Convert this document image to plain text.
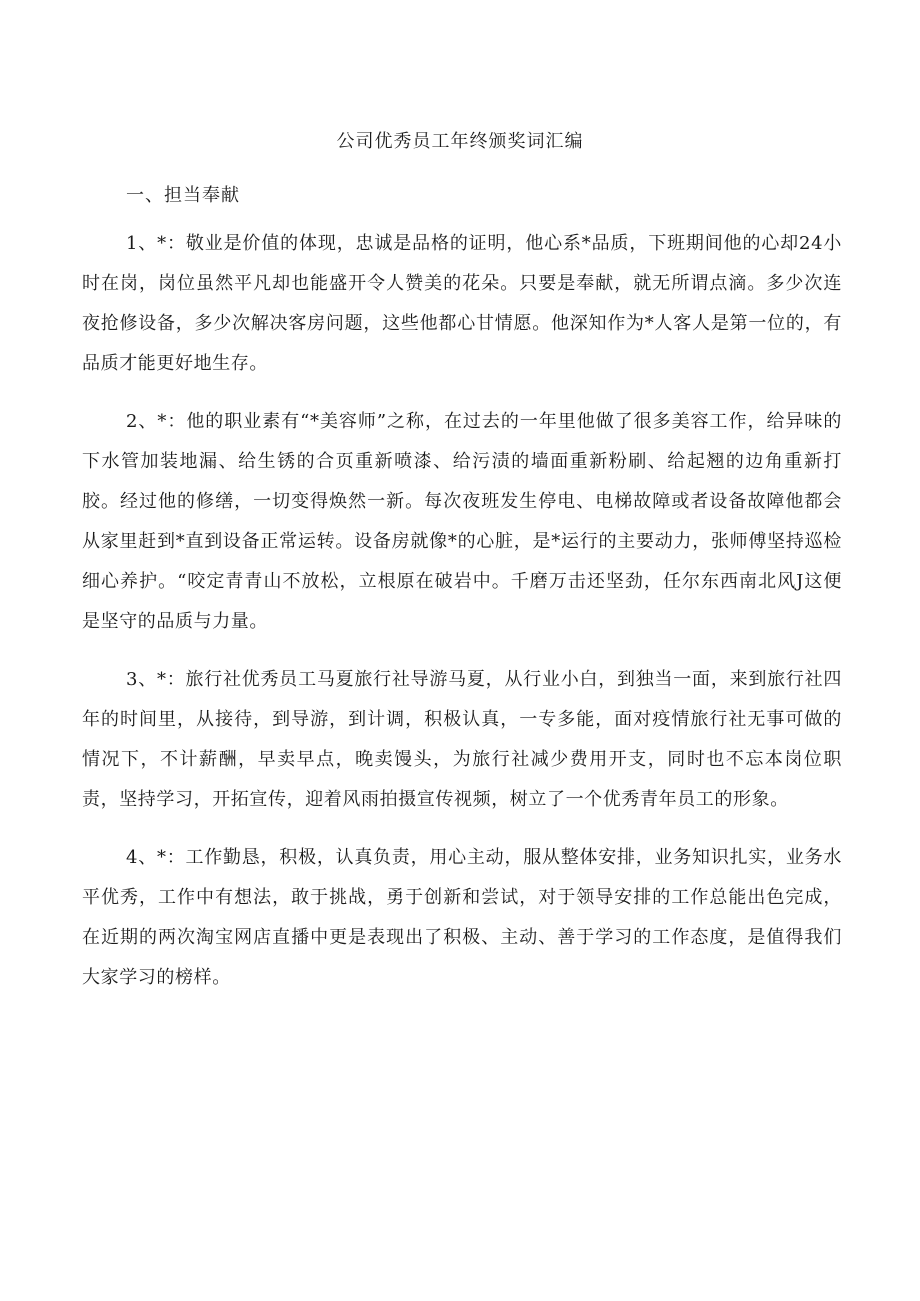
公司优秀员工年终颁奖词汇编
一、担当奉献

1、*：敬业是价值的体现，忠诚是品格的证明，他心系*品质，下班期间他的心却24小时在岗，岗位虽然平凡却也能盛开令人赞美的花朵。只要是奉献，就无所谓点滴。多少次连夜抢修设备，多少次解决客房问题，这些他都心甘情愿。他深知作为*人客人是第一位的，有品质才能更好地生存。

2、*：他的职业素有“*美容师”之称，在过去的一年里他做了很多美容工作，给异味的下水管加装地漏、给生锈的合页重新喷漆、给污渍的墙面重新粉刷、给起翘的边角重新打胶。经过他的修缮，一切变得焕然一新。每次夜班发生停电、电梯故障或者设备故障他都会从家里赶到*直到设备正常运转。设备房就像*的心脏，是*运行的主要动力，张师傅坚持巡检细心养护。“咬定青青山不放松，立根原在破岩中。千磨万击还坚劲，任尔东西南北风J这便是坚守的品质与力量。

3、*：旅行社优秀员工马夏旅行社导游马夏，从行业小白，到独当一面，来到旅行社四年的时间里，从接待，到导游，到计调，积极认真，一专多能，面对疫情旅行社无事可做的情况下，不计薪酬，早卖早点，晚卖馒头，为旅行社减少费用开支，同时也不忘本岗位职责，坚持学习，开拓宣传，迎着风雨拍摄宣传视频，树立了一个优秀青年员工的形象。

4、*：工作勤恳，积极，认真负责，用心主动，服从整体安排，业务知识扎实，业务水平优秀，工作中有想法，敢于挑战，勇于创新和尝试，对于领导安排的工作总能出色完成，在近期的两次淘宝网店直播中更是表现出了积极、主动、善于学习的工作态度，是值得我们大家学习的榜样。
